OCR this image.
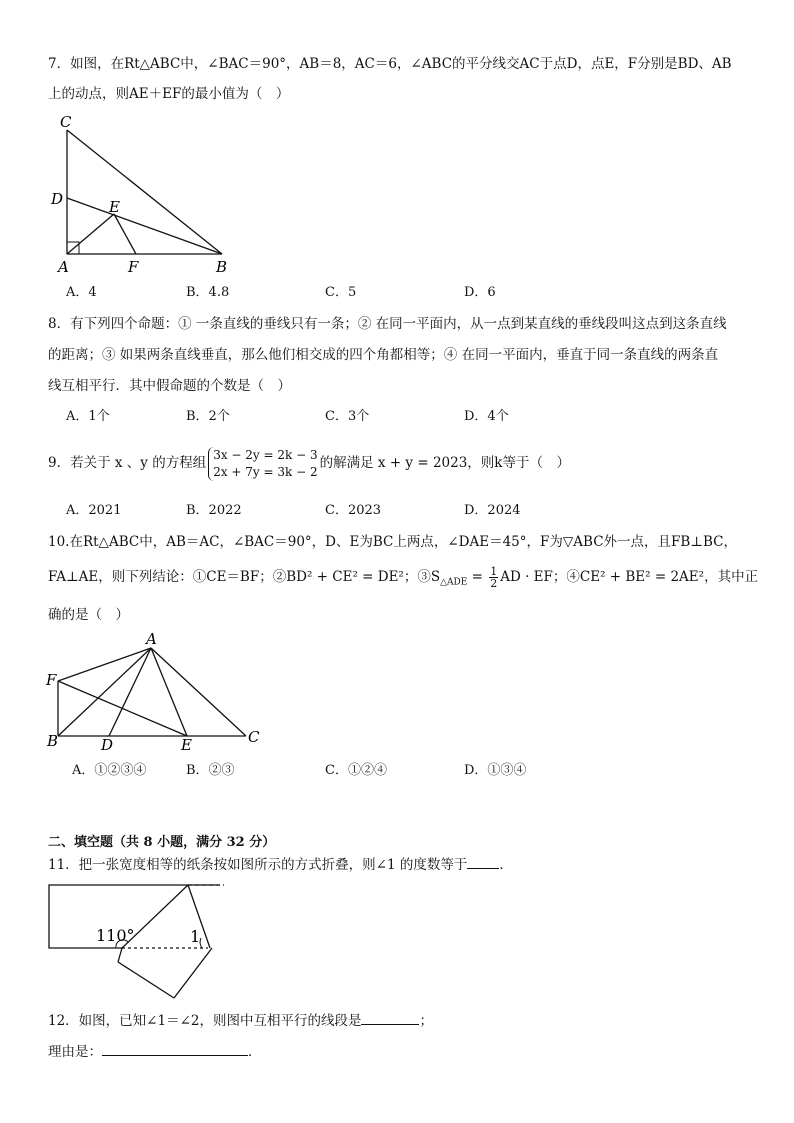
7．如图，在Rt△ABC中，∠BAC＝90°，AB＝8，AC＝6，∠ABC的平分线交AC于点D，点E，F分别是BD、AB
上的动点，则AE＋EF的最小值为（　）
C
D	E
A	F	B
A．4	B．4.8	C．5	D．6
8．有下列四个命题：① 一条直线的垂线只有一条；② 在同一平面内，从一点到某直线的垂线段叫这点到这条直线
的距离；③ 如果两条直线垂直，那么他们相交成的四个角都相等；④ 在同一平面内，垂直于同一条直线的两条直
线互相平行．其中假命题的个数是（　）
A．1个	B．2个	C．3个	D．4个
9．若关于 x 、y 的方程组
3x − 2y = 2k − 3
2x + 7y = 3k − 2
的解满足 x + y = 2023，则k等于（　）
A．2021	B．2022	C．2023	D．2024
10.在Rt△ABC中，AB＝AC，∠BAC＝90°，D、E为BC上两点，∠DAE＝45°，F为▽ABC外一点，且FB⊥BC，
FA⊥AE，则下列结论：①CE＝BF；②BD² + CE² = DE²；$③S_{\triangle ADE} = \frac{1}{2}$ AD · EF；④CE² + BE² = 2AE²，其中正
确的是（　）
A
F
B	D	E	C
A．①②③④	B．②③	C．①②④	D．①③④
二、填空题（共 8 小题，满分 32 分）
11．把一张宽度相等的纸条按如图所示的方式折叠，则∠1 的度数等于 ．
110°	1
12．如图，已知∠1＝∠2，则图中互相平行的线段是	；
理由是：	．
